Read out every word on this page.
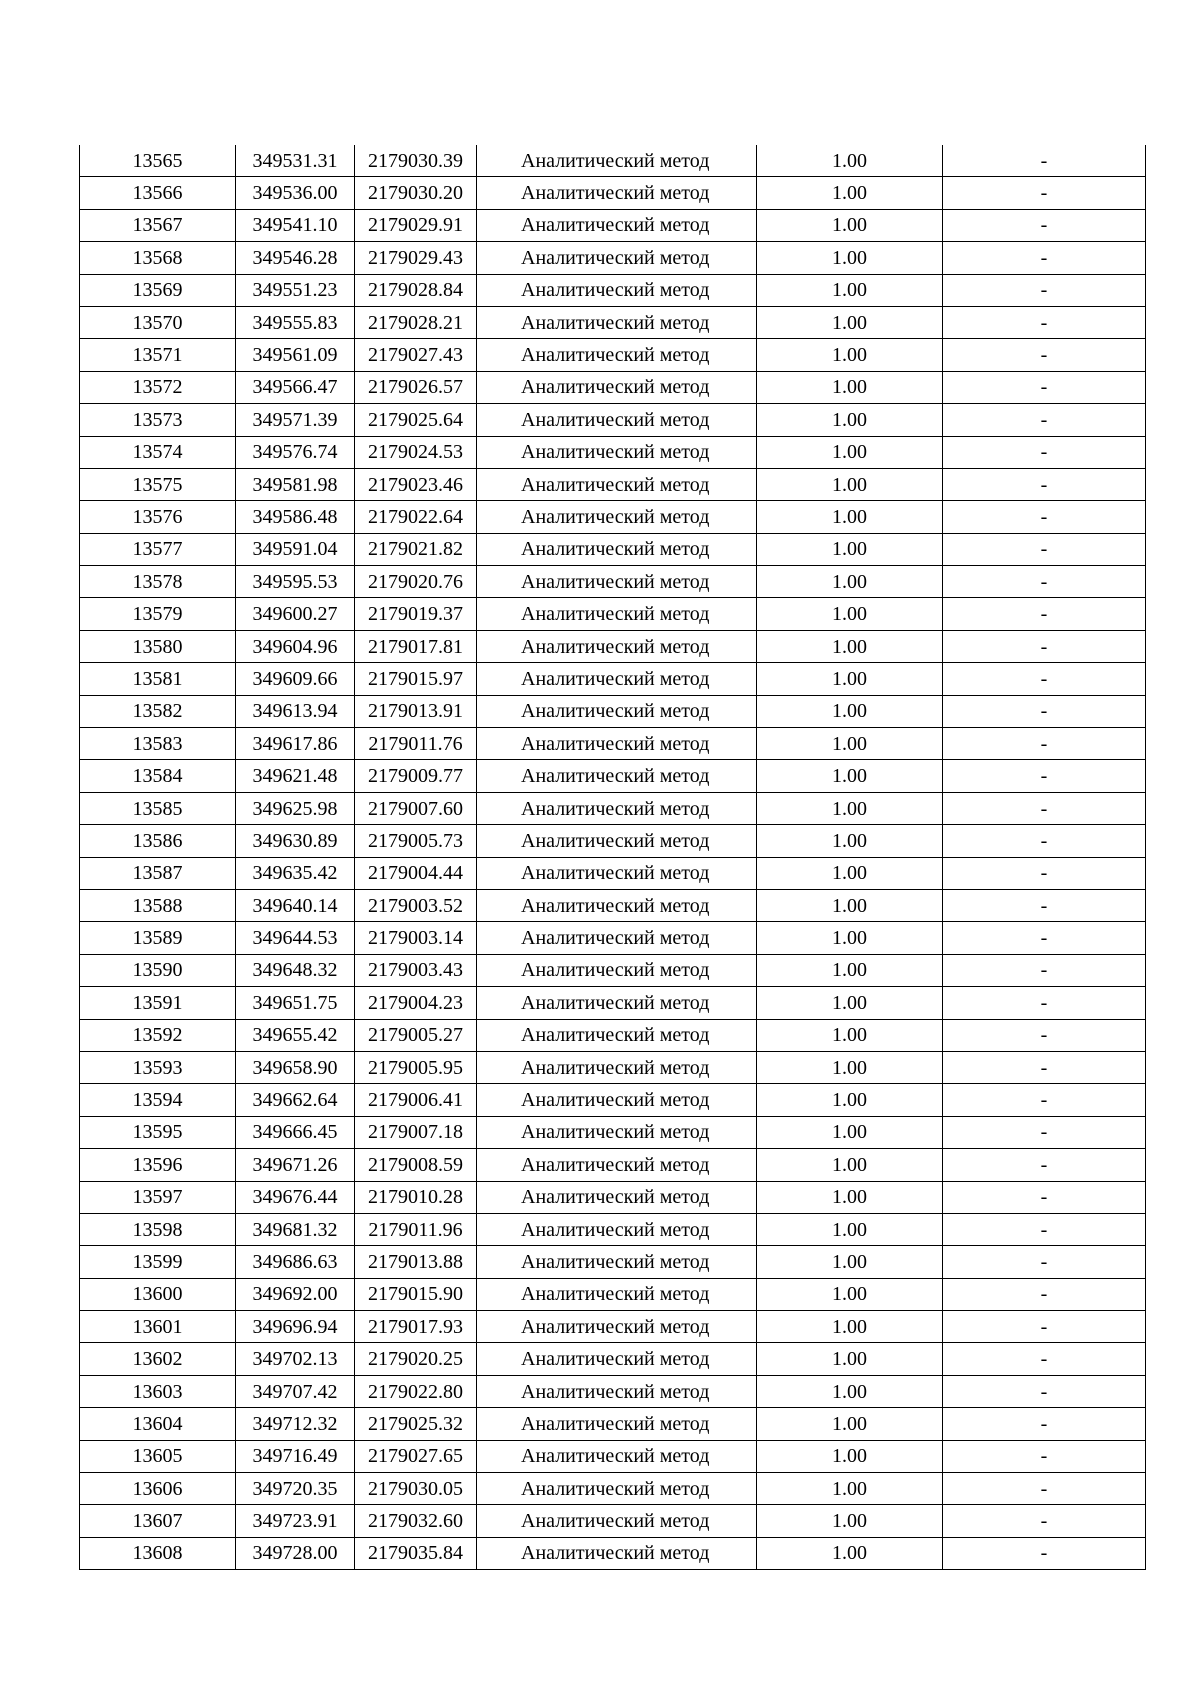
13565	349531.31	2179030.39	Аналитический метод	1.00	-
13566	349536.00	2179030.20	Аналитический метод	1.00	-
13567	349541.10	2179029.91	Аналитический метод	1.00	-
13568	349546.28	2179029.43	Аналитический метод	1.00	-
13569	349551.23	2179028.84	Аналитический метод	1.00	-
13570	349555.83	2179028.21	Аналитический метод	1.00	-
13571	349561.09	2179027.43	Аналитический метод	1.00	-
13572	349566.47	2179026.57	Аналитический метод	1.00	-
13573	349571.39	2179025.64	Аналитический метод	1.00	-
13574	349576.74	2179024.53	Аналитический метод	1.00	-
13575	349581.98	2179023.46	Аналитический метод	1.00	-
13576	349586.48	2179022.64	Аналитический метод	1.00	-
13577	349591.04	2179021.82	Аналитический метод	1.00	-
13578	349595.53	2179020.76	Аналитический метод	1.00	-
13579	349600.27	2179019.37	Аналитический метод	1.00	-
13580	349604.96	2179017.81	Аналитический метод	1.00	-
13581	349609.66	2179015.97	Аналитический метод	1.00	-
13582	349613.94	2179013.91	Аналитический метод	1.00	-
13583	349617.86	2179011.76	Аналитический метод	1.00	-
13584	349621.48	2179009.77	Аналитический метод	1.00	-
13585	349625.98	2179007.60	Аналитический метод	1.00	-
13586	349630.89	2179005.73	Аналитический метод	1.00	-
13587	349635.42	2179004.44	Аналитический метод	1.00	-
13588	349640.14	2179003.52	Аналитический метод	1.00	-
13589	349644.53	2179003.14	Аналитический метод	1.00	-
13590	349648.32	2179003.43	Аналитический метод	1.00	-
13591	349651.75	2179004.23	Аналитический метод	1.00	-
13592	349655.42	2179005.27	Аналитический метод	1.00	-
13593	349658.90	2179005.95	Аналитический метод	1.00	-
13594	349662.64	2179006.41	Аналитический метод	1.00	-
13595	349666.45	2179007.18	Аналитический метод	1.00	-
13596	349671.26	2179008.59	Аналитический метод	1.00	-
13597	349676.44	2179010.28	Аналитический метод	1.00	-
13598	349681.32	2179011.96	Аналитический метод	1.00	-
13599	349686.63	2179013.88	Аналитический метод	1.00	-
13600	349692.00	2179015.90	Аналитический метод	1.00	-
13601	349696.94	2179017.93	Аналитический метод	1.00	-
13602	349702.13	2179020.25	Аналитический метод	1.00	-
13603	349707.42	2179022.80	Аналитический метод	1.00	-
13604	349712.32	2179025.32	Аналитический метод	1.00	-
13605	349716.49	2179027.65	Аналитический метод	1.00	-
13606	349720.35	2179030.05	Аналитический метод	1.00	-
13607	349723.91	2179032.60	Аналитический метод	1.00	-
13608	349728.00	2179035.84	Аналитический метод	1.00	-
